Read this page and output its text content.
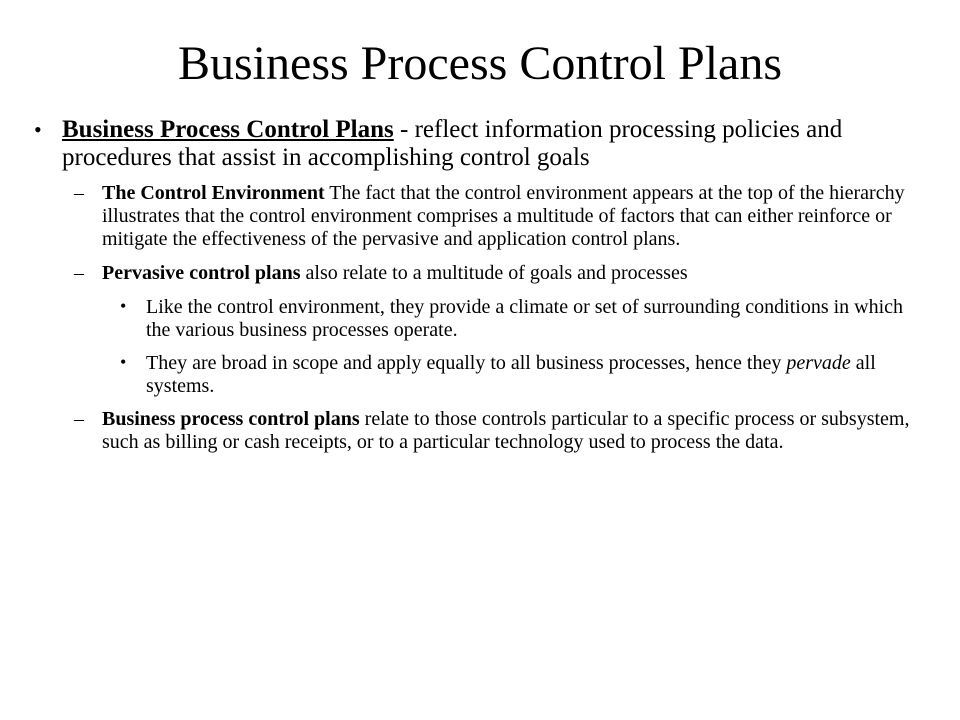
Business Process Control Plans

• Business Process Control Plans - reflect information processing policies and procedures that assist in accomplishing control goals

– The Control Environment The fact that the control environment appears at the top of the hierarchy illustrates that the control environment comprises a multitude of factors that can either reinforce or mitigate the effectiveness of the pervasive and application control plans.

– Pervasive control plans also relate to a multitude of goals and processes

• Like the control environment, they provide a climate or set of surrounding conditions in which the various business processes operate.

• They are broad in scope and apply equally to all business processes, hence they pervade all systems.

– Business process control plans relate to those controls particular to a specific process or subsystem, such as billing or cash receipts, or to a particular technology used to process the data.
